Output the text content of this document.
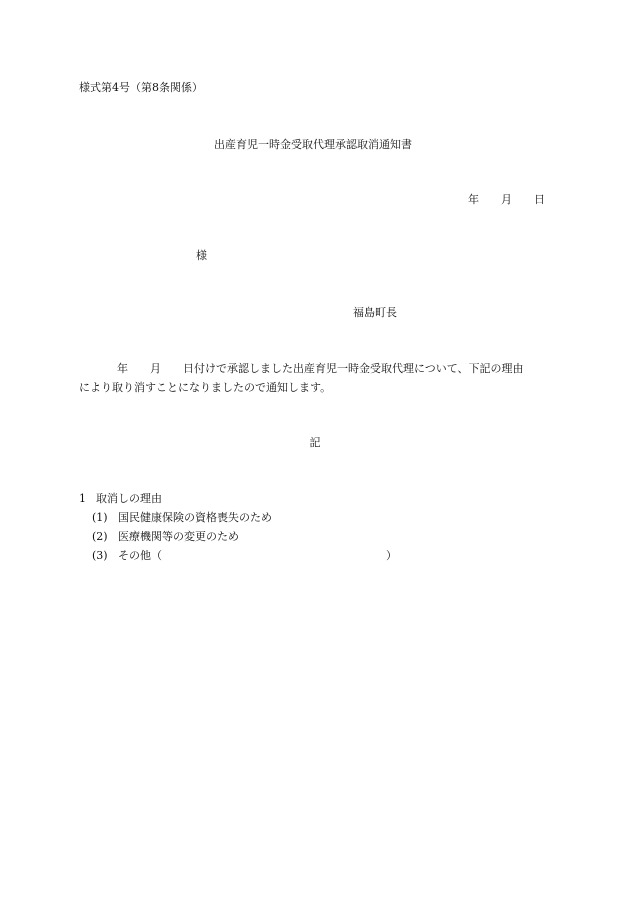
様式第4号（第8条関係）

出産育児一時金受取代理承認取消通知書

年 月 日

様

福島町長

年 月 日付けで承認しました出産育児一時金受取代理について、下記の理由

により取り消すことになりましたので通知します。

記

1 取消しの理由

(1) 国民健康保険の資格喪失のため

(2) 医療機関等の変更のため

(3) その他（	）
